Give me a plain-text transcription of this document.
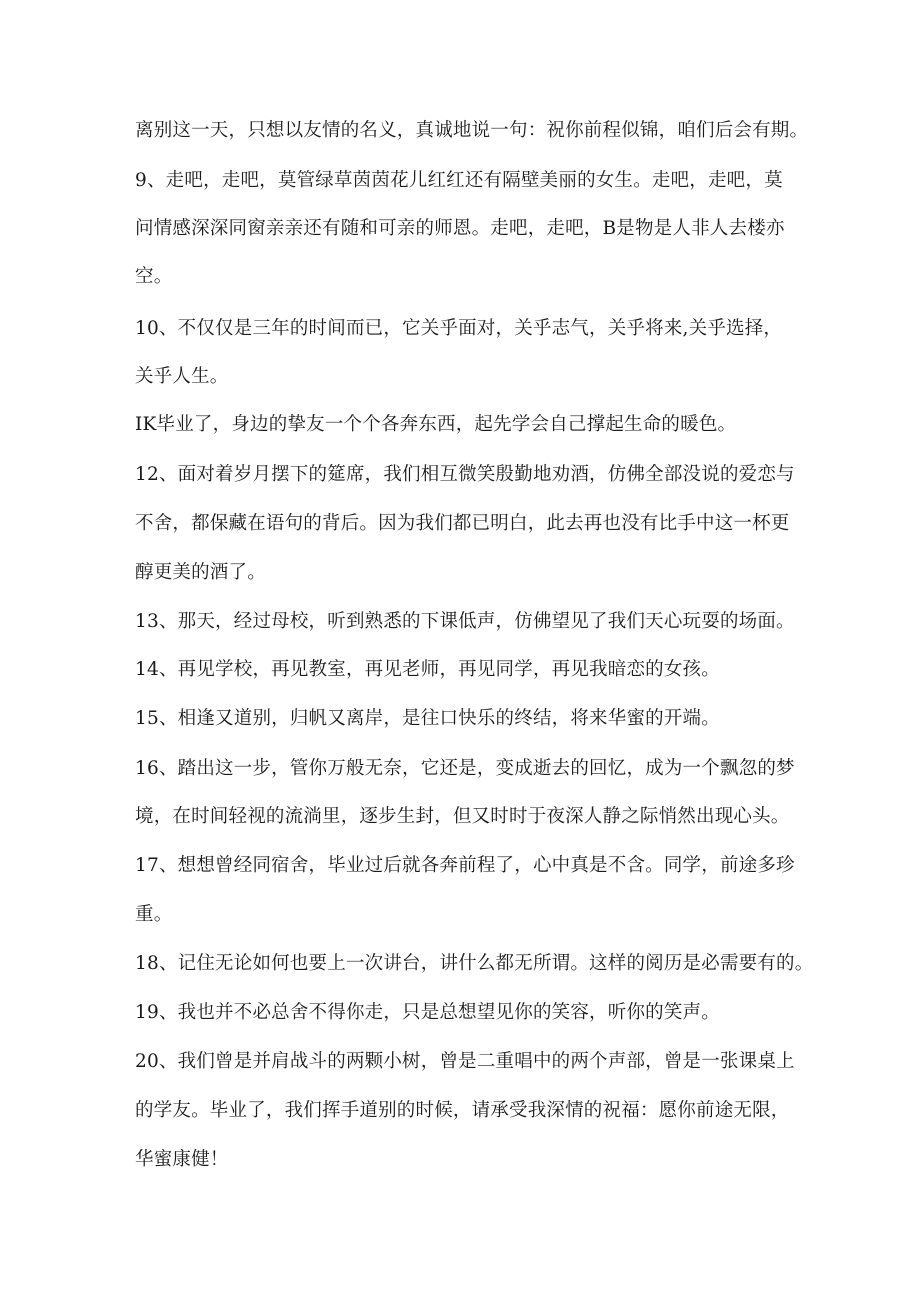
离别这一天，只想以友情的名义，真诚地说一句：祝你前程似锦，咱们后会有期。
9、走吧，走吧，莫管绿草茵茵花儿红红还有隔壁美丽的女生。走吧，走吧，莫
问情感深深同窗亲亲还有随和可亲的师恩。走吧，走吧，B是物是人非人去楼亦
空。
10、不仅仅是三年的时间而已，它关乎面对，关乎志气，关乎将来,关乎选择，
关乎人生。
IK毕业了，身边的挚友一个个各奔东西，起先学会自己撑起生命的暖色。
12、面对着岁月摆下的筵席，我们相互微笑殷勤地劝酒，仿佛全部没说的爱恋与
不舍，都保藏在语句的背后。因为我们都已明白，此去再也没有比手中这一杯更
醇更美的酒了。
13、那天，经过母校，听到熟悉的下课低声，仿佛望见了我们天心玩耍的场面。
14、再见学校，再见教室，再见老师，再见同学，再见我暗恋的女孩。
15、相逢又道别，归帆又离岸，是往口快乐的终结，将来华蜜的开端。
16、踏出这一步，管你万般无奈，它还是，变成逝去的回忆，成为一个飘忽的梦
境，在时间轻视的流淌里，逐步生封，但又时时于夜深人静之际悄然出现心头。
17、想想曾经同宿舍，毕业过后就各奔前程了，心中真是不含。同学，前途多珍
重。
18、记住无论如何也要上一次讲台，讲什么都无所谓。这样的阅历是必需要有的。
19、我也并不必总舍不得你走，只是总想望见你的笑容，听你的笑声。
20、我们曾是并肩战斗的两颗小树，曾是二重唱中的两个声部，曾是一张课桌上
的学友。毕业了，我们挥手道别的时候，请承受我深情的祝福：愿你前途无限，
华蜜康健！
